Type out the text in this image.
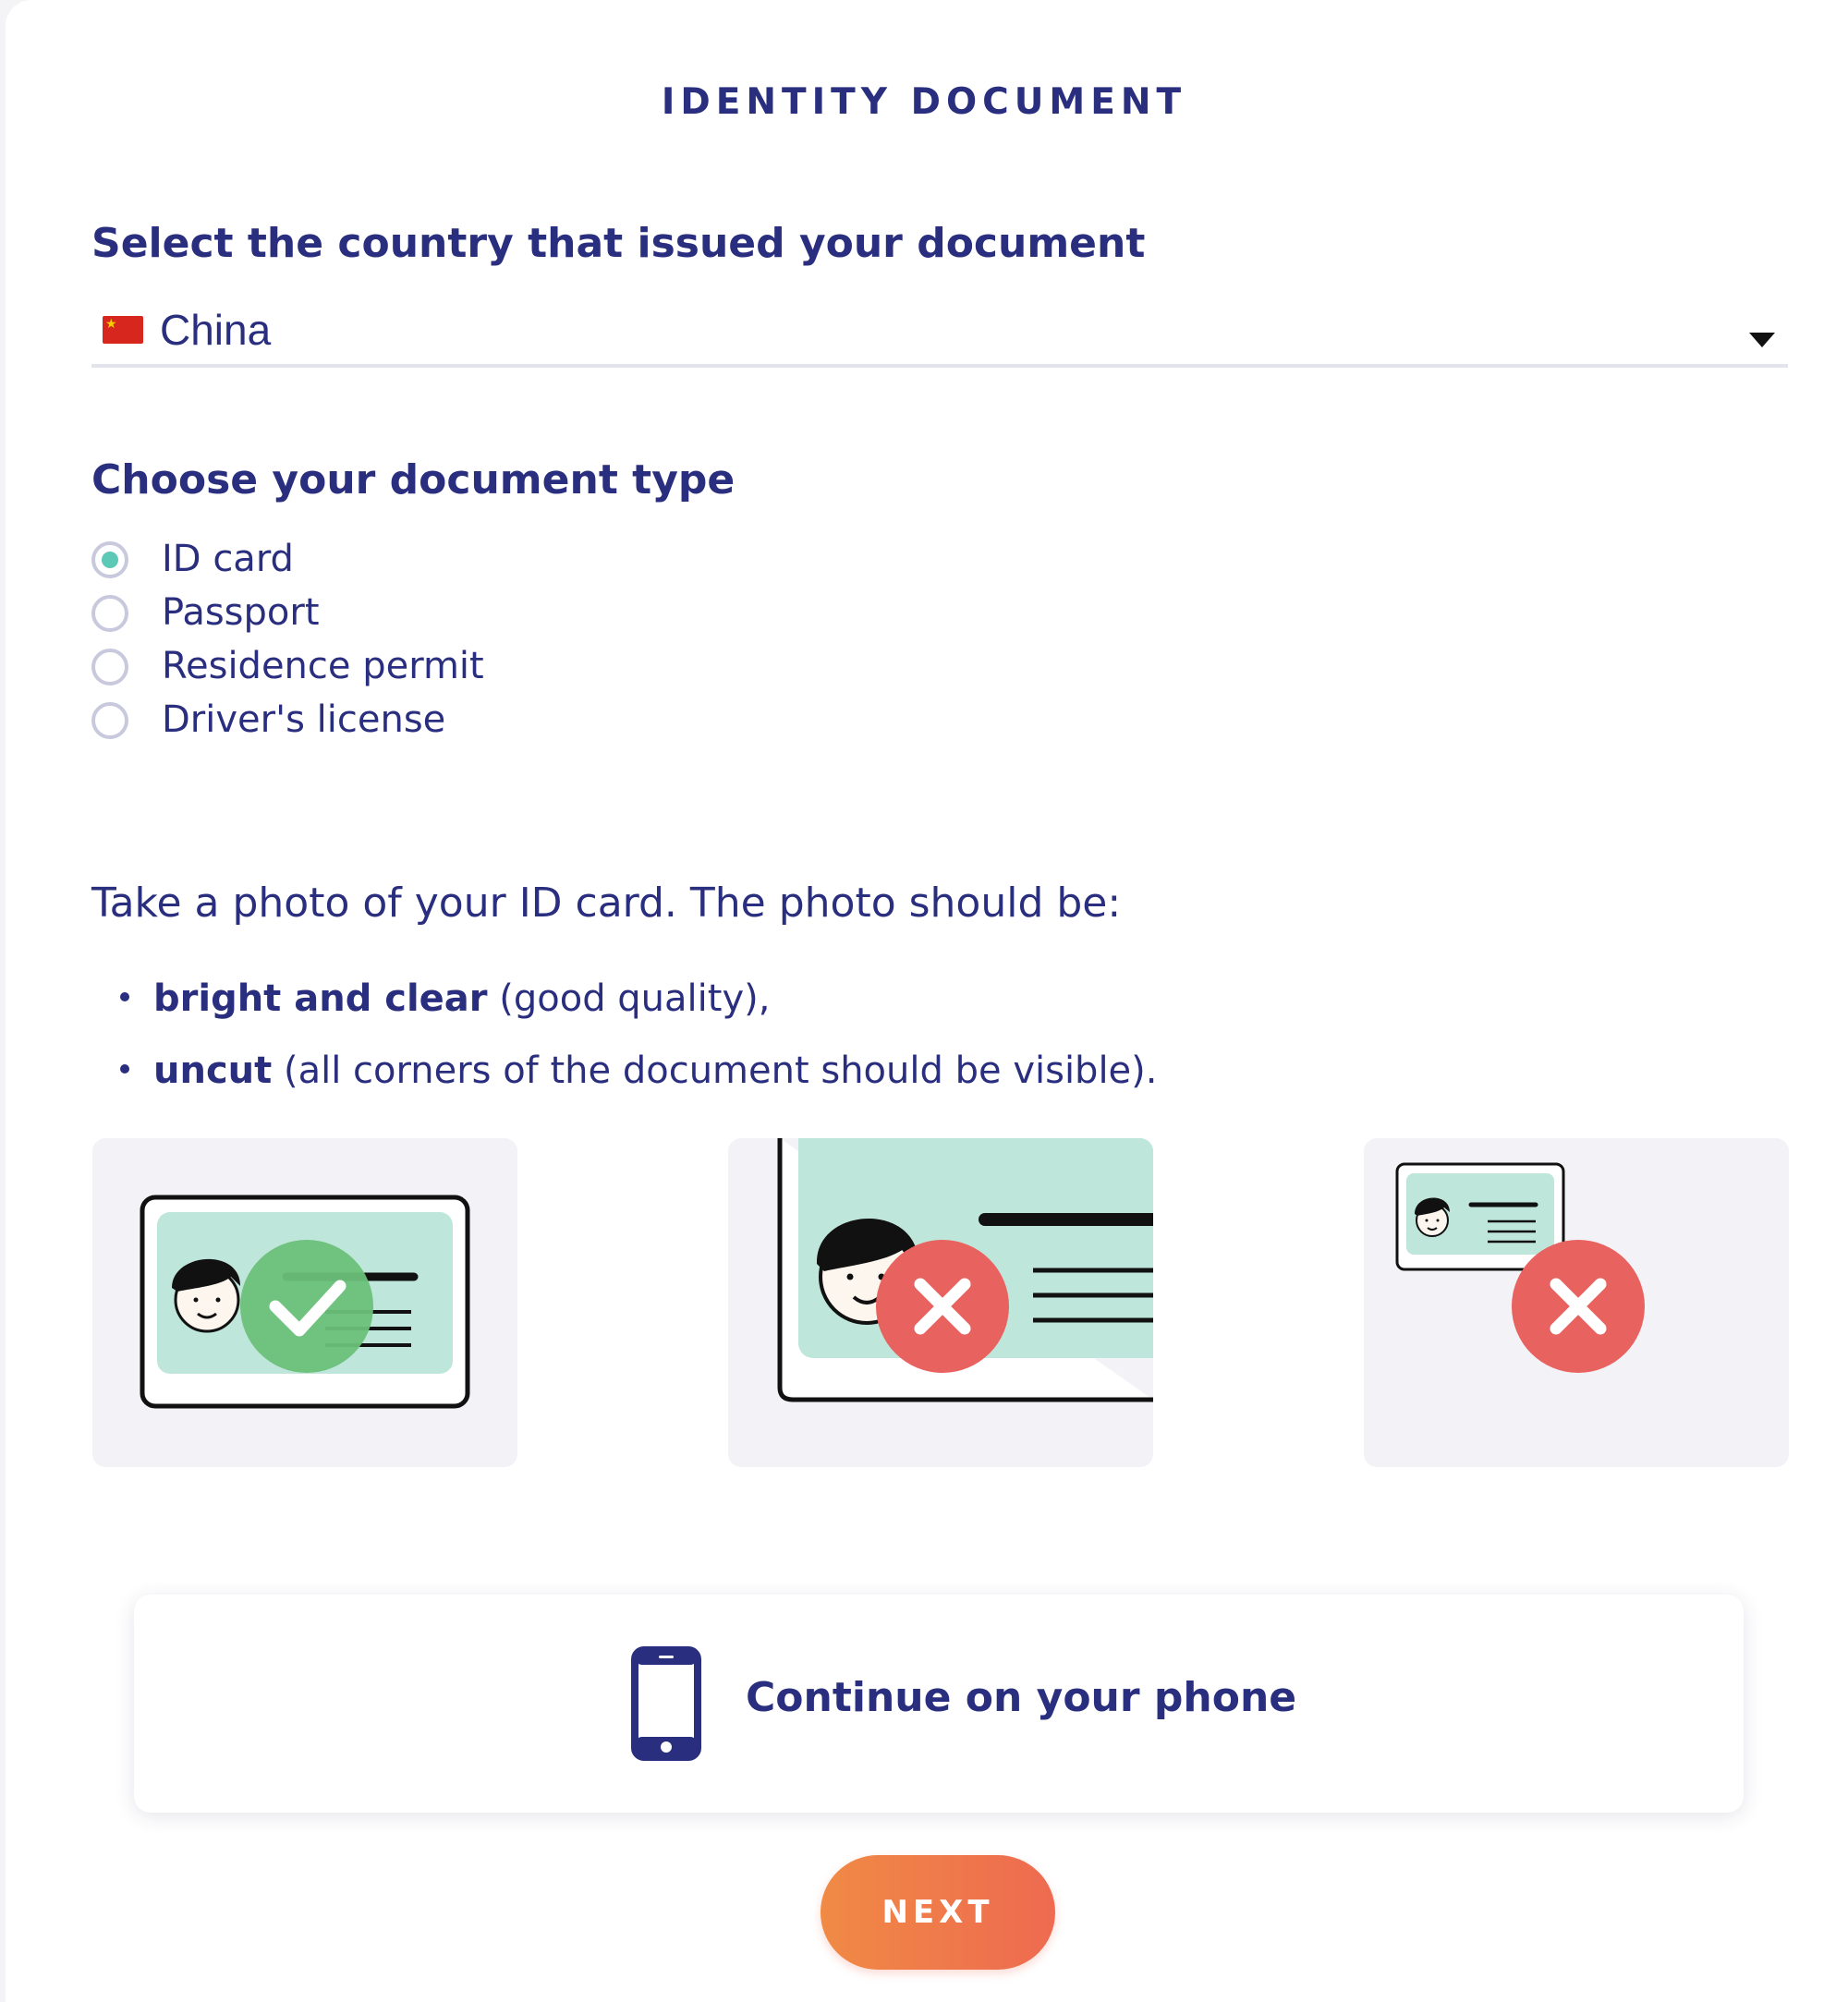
IDENTITY DOCUMENT
Select the country that issued your document
★ China
Choose your document type
ID card
Passport
Residence permit
Driver's license
Take a photo of your ID card. The photo should be:
bright and clear (good quality),
uncut (all corners of the document should be visible).
Continue on your phone
NEXT
